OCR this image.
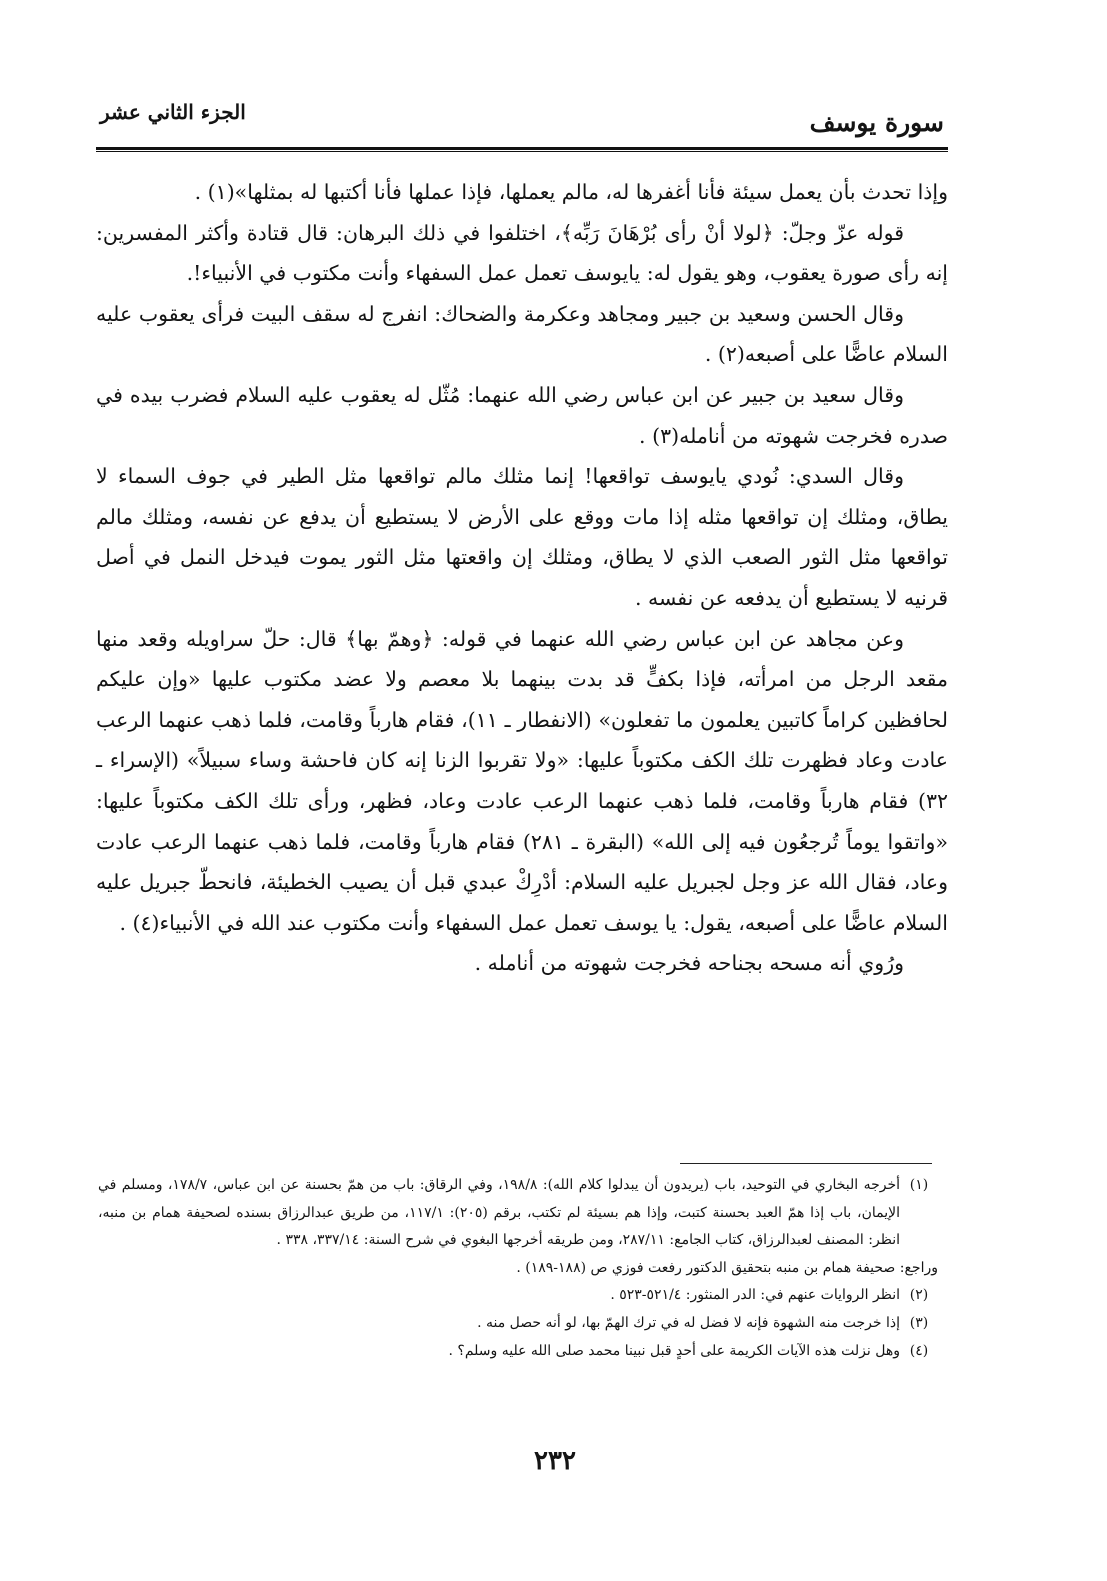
سورة يوسف
الجزء الثاني عشر

وإذا تحدث بأن يعمل سيئة فأنا أغفرها له، مالم يعملها، فإذا عملها فأنا أكتبها له بمثلها»(١) .

قوله عزّ وجلّ: ﴿لولا أنْ رأى بُرْهَانَ رَبِّه﴾، اختلفوا في ذلك البرهان: قال قتادة وأكثر المفسرين: إنه رأى صورة يعقوب، وهو يقول له: يايوسف تعمل عمل السفهاء وأنت مكتوب في الأنبياء!.

وقال الحسن وسعيد بن جبير ومجاهد وعكرمة والضحاك: انفرج له سقف البيت فرأى يعقوب عليه السلام عاضًّا على أصبعه(٢) .

وقال سعيد بن جبير عن ابن عباس رضي الله عنهما: مُثّل له يعقوب عليه السلام فضرب بيده في صدره فخرجت شهوته من أنامله(٣) .

وقال السدي: نُودي يايوسف تواقعها! إنما مثلك مالم تواقعها مثل الطير في جوف السماء لا يطاق، ومثلك إن تواقعها مثله إذا مات ووقع على الأرض لا يستطيع أن يدفع عن نفسه، ومثلك مالم تواقعها مثل الثور الصعب الذي لا يطاق، ومثلك إن واقعتها مثل الثور يموت فيدخل النمل في أصل قرنيه لا يستطيع أن يدفعه عن نفسه .

وعن مجاهد عن ابن عباس رضي الله عنهما في قوله: ﴿وهمّ بها﴾ قال: حلّ سراويله وقعد منها مقعد الرجل من امرأته، فإذا بكفٍّ قد بدت بينهما بلا معصم ولا عضد مكتوب عليها «وإن عليكم لحافظين كراماً كاتبين يعلمون ما تفعلون» (الانفطار ـ ١١)، فقام هارباً وقامت، فلما ذهب عنهما الرعب عادت وعاد فظهرت تلك الكف مكتوباً عليها: «ولا تقربوا الزنا إنه كان فاحشة وساء سبيلاً» (الإسراء ـ ٣٢) فقام هارباً وقامت، فلما ذهب عنهما الرعب عادت وعاد، فظهر، ورأى تلك الكف مكتوباً عليها: «واتقوا يوماً تُرجعُون فيه إلى الله» (البقرة ـ ٢٨١) فقام هارباً وقامت، فلما ذهب عنهما الرعب عادت وعاد، فقال الله عز وجل لجبريل عليه السلام: أدْرِكْ عبدي قبل أن يصيب الخطيئة، فانحطّ جبريل عليه السلام عاضًّا على أصبعه، يقول: يا يوسف تعمل عمل السفهاء وأنت مكتوب عند الله في الأنبياء(٤) .

ورُوي أنه مسحه بجناحه فخرجت شهوته من أنامله .

(١)
أخرجه البخاري في التوحيد، باب (يريدون أن يبدلوا كلام الله): ١٩٨/٨، وفي الرقاق: باب من همّ بحسنة عن ابن عباس، ١٧٨/٧، ومسلم في الإيمان، باب إذا همّ العبد بحسنة كتبت، وإذا هم بسيئة لم تكتب، برقم (٢٠٥): ١١٧/١، من طريق عبدالرزاق بسنده لصحيفة همام بن منبه، انظر: المصنف لعبدالرزاق، كتاب الجامع: ٢٨٧/١١، ومن طريقه أخرجها البغوي في شرح السنة: ٣٣٧/١٤، ٣٣٨ .
وراجع: صحيفة همام بن منبه بتحقيق الدكتور رفعت فوزي ص (١٨٨-١٨٩) .
(٢)
انظر الروايات عنهم في: الدر المنثور: ٥٢١/٤-٥٢٣ .
(٣)
إذا خرجت منه الشهوة فإنه لا فضل له في ترك الهمّ بها، لو أنه حصل منه .
(٤)
وهل نزلت هذه الآيات الكريمة على أحدٍ قبل نبينا محمد صلى الله عليه وسلم؟ .
٢٣٢
